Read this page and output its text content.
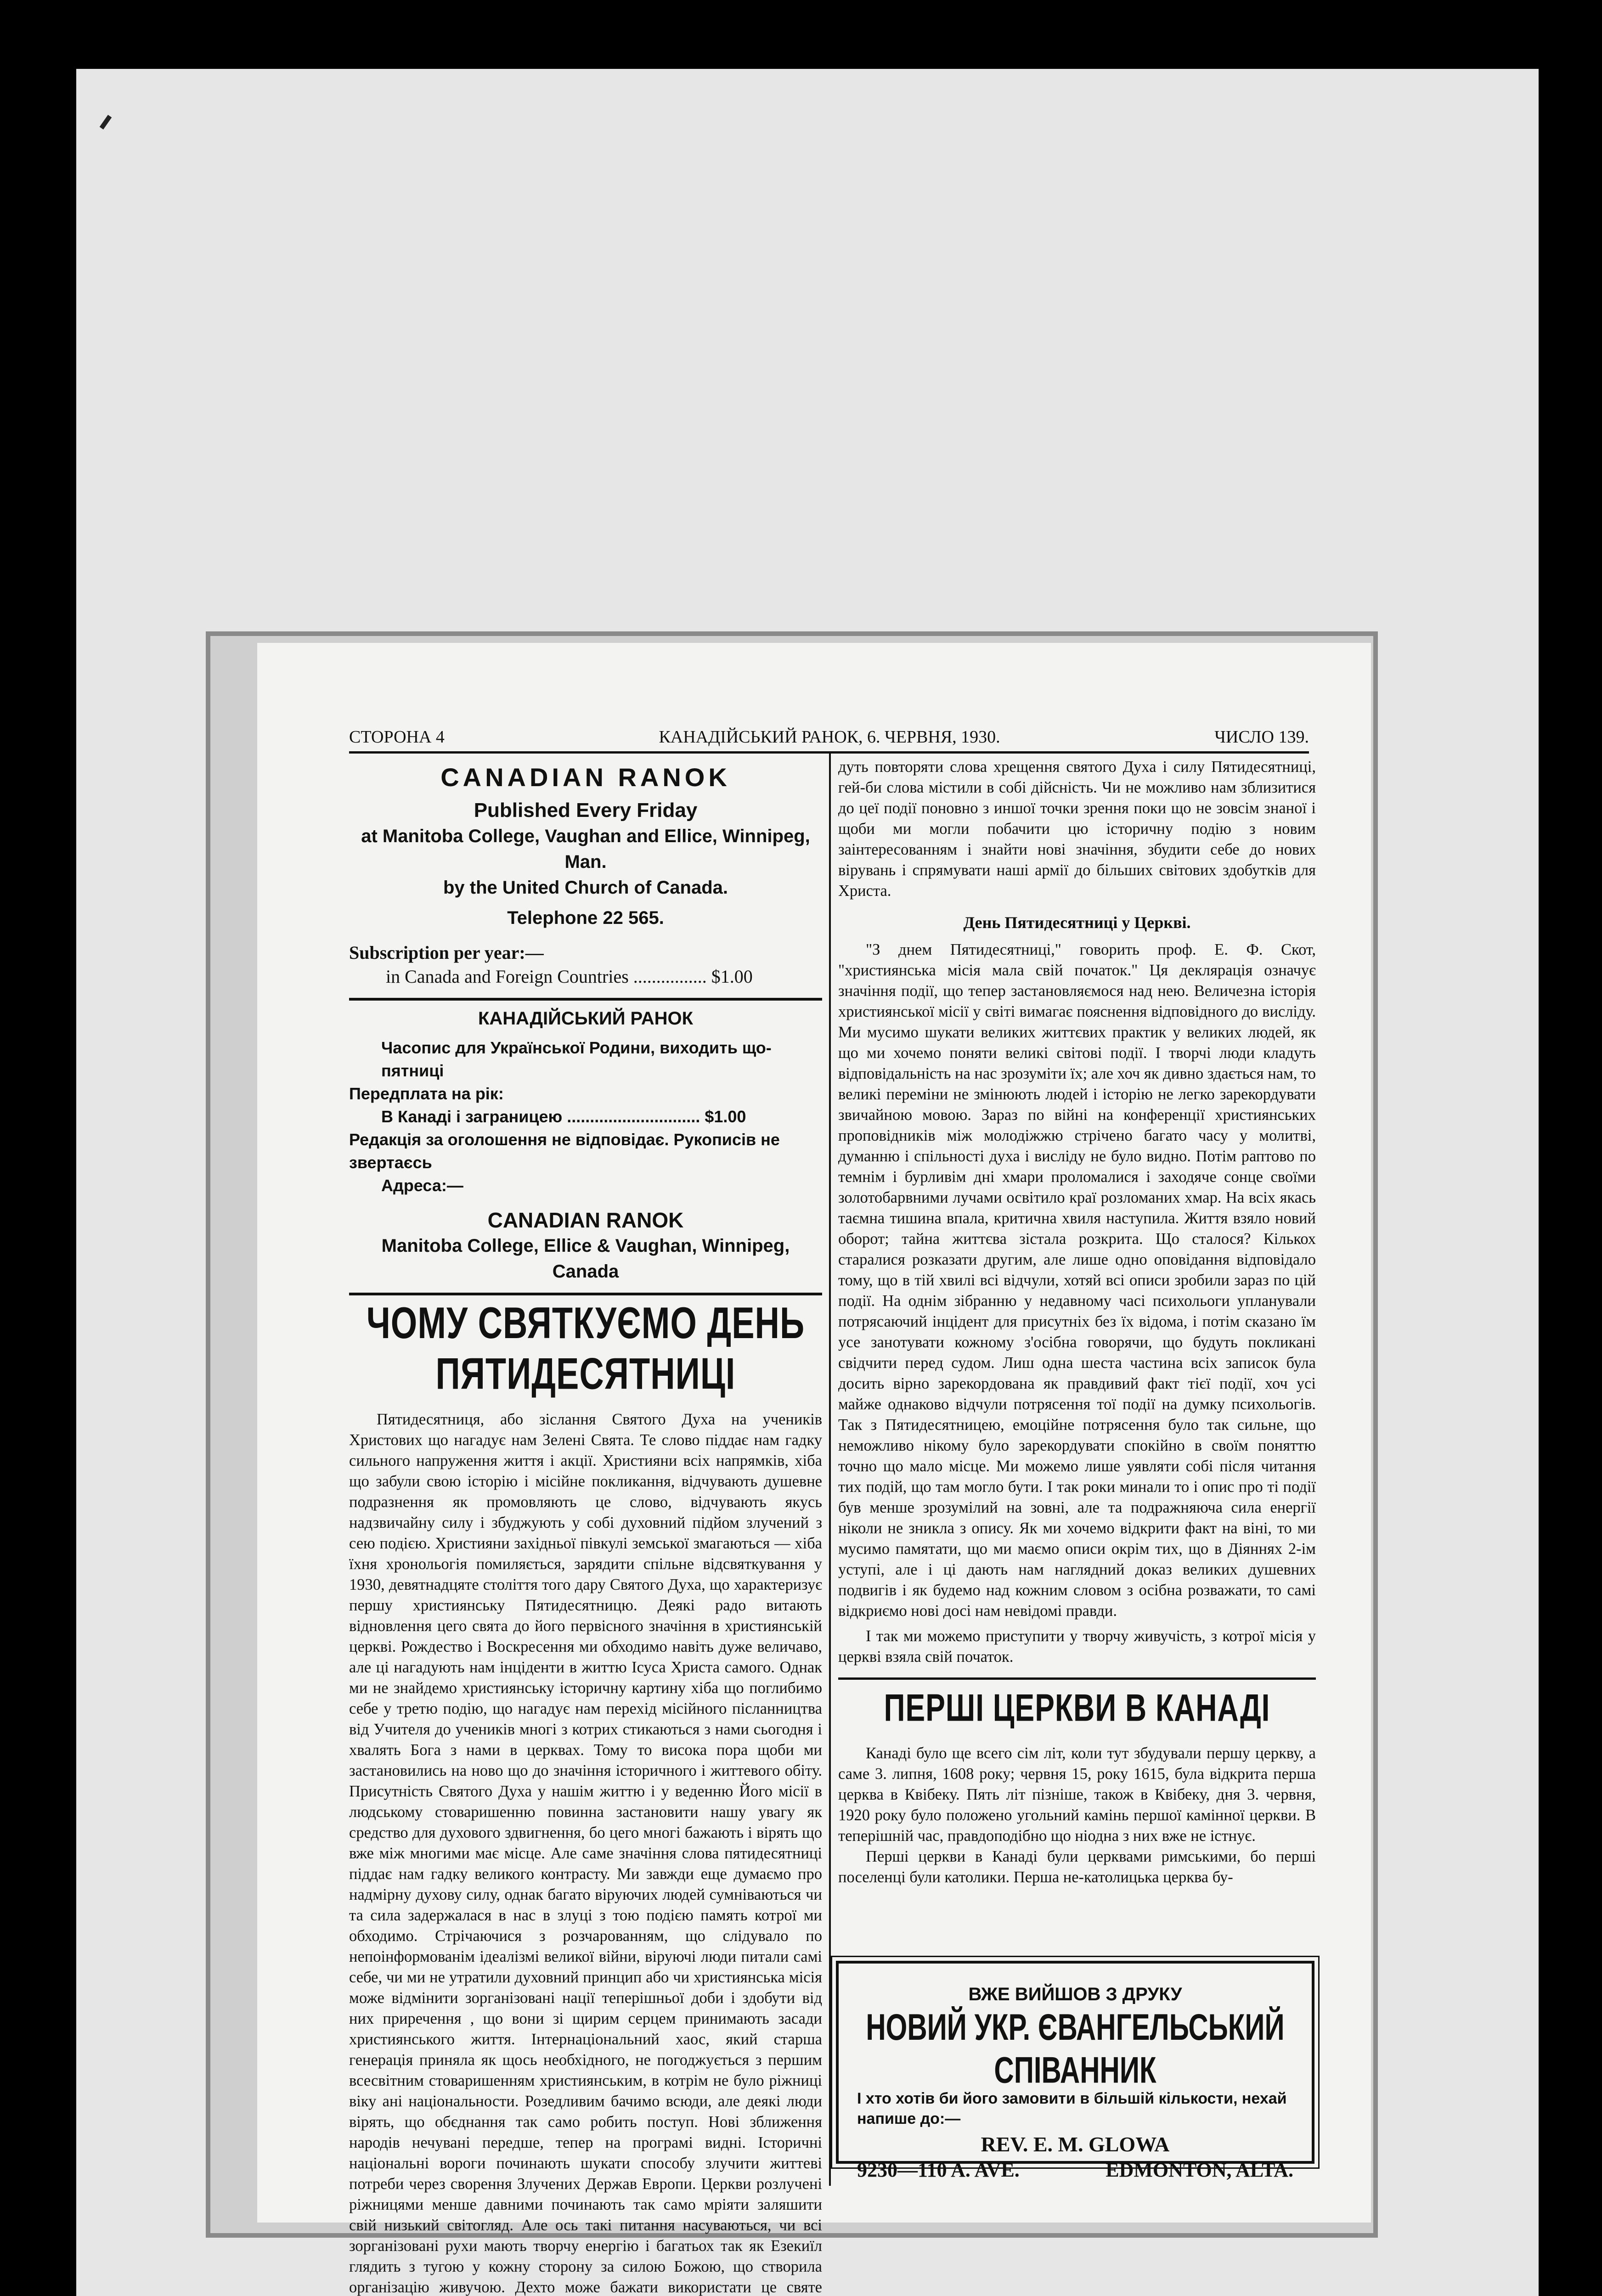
СТОРОНА 4	КАНАДІЙСЬКИЙ РАНОК, 6. ЧЕРВНЯ, 1930.	ЧИСЛО 139.
CANADIAN RANOK
Published Every Friday
at Manitoba College, Vaughan and Ellice, Winnipeg, Man.
by the United Church of Canada.
Telephone 22 565.
Subscription per year:—
in Canada and Foreign Countries ................ $1.00
КАНАДІЙСЬКИЙ РАНОК
Часопис для Української Родини, виходить що-пятниці
Передплата на рік:
В Канаді і заграницею ............................. $1.00
Редакція за оголошення не відповідає. Рукописів не звертаєсь
Адреса:—
CANADIAN RANOK
Manitoba College, Ellice & Vaughan, Winnipeg, Canada
ЧОМУ СВЯТКУЄМО ДЕНЬ ПЯТИДЕСЯТНИЦІ

Пятидесятниця, або зіслання Святого Духа на учеників Христових що нагадує нам Зелені Свята. Те слово піддає нам гадку сильного напруження життя і акції. Християни всіх напрямків, хіба що забули свою історію і місійне покликання, відчувають душевне подразнення як промовляють це слово, відчувають якусь надзвичайну силу і збуджують у собі духовний підйом злучений з сею подією. Християни західньої півкулі земської змагаються — хіба їхня хронольогія помиляється, зарядити спільне відсвяткування у 1930, девятнадцяте століття того дару Святого Духа, що характеризує першу християнську Пятидесятницю. Деякі радо витають відновлення цего свята до його первісного значіння в християнській церкві. Рождество і Воскресення ми обходимо навіть дуже величаво, але ці нагадують нам інціденти в життю Ісуса Христа самого. Однак ми не знайдемо християнську історичну картину хіба що поглибимо себе у третю подію, що нагадує нам перехід місійного післанництва від Учителя до учеників многі з котрих стикаються з нами сьогодня і хвалять Бога з нами в церквах. Тому то висока пора щоби ми застановились на ново що до значіння історичного і життевого обіту. Присутність Святого Духа у нашім життю і у веденню Його місії в людському стоваришенню повинна застановити нашу увагу як средство для духового здвигнення, бо цего многі бажають і вірять що вже між многими має місце. Але саме значіння слова пятидесятниці піддає нам гадку великого контрасту. Ми завжди еще думаємо про надмірну духову силу, однак багато віруючих людей сумніваються чи та сила задержалася в нас в злуці з тою подією память котрої ми обходимо. Стрічаючися з розчарованням, що слідувало по непоінформованім ідеалізмі великої війни, віруючі люди питали самі себе, чи ми не утратили духовний принцип або чи християнська місія може відмінити зорганізовані нації теперішньої доби і здобути від них приречення , що вони зі щирим серцем принимають засади християнського життя. Інтернаціональний хаос, який старша генерація приняла як щось необхідного, не погоджується з першим всесвітним стоваришенням християнським, в котрім не було ріжниці віку ані національности. Розедливим бачимо всюди, але деякі люди вірять, що обєднання так само робить поступ. Нові зближення народів нечувані передше, тепер на програмі видні. Історичні національні вороги починають шукати способу злучити життеві потреби через сворення Злучених Держав Европи. Церкви розлучені ріжницями менше давними починають так само мріяти заляшити свій низький світогляд. Але ось такі питання насуваються, чи всі зорганізовані рухи мають творчу енергію і багатьох так як Езекиїл глядить з тугою у кожну сторону за силою Божою, що створила організацію живучою. Дехто може бажати використати це святе

дуть повторяти слова хрещення святого Духа і силу Пятидесятниці, гей-би слова містили в собі дійсність. Чи не можливо нам зблизитися до цеї події поновно з иншої точки зрення поки що не зовсім знаної і щоби ми могли побачити цю історичну подію з новим заінтересованням і знайти нові значіння, збудити себе до нових вірувань і спрямувати наші армії до більших світових здобутків для Христа.

День Пятидесятниці у Церкві.

"З днем Пятидесятниці," говорить проф. Е. Ф. Скот, "християнська місія мала свій початок." Ця деклярація означує значіння події, що тепер застановляємося над нею. Величезна історія християнської місії у світі вимагає пояснення відповідного до висліду. Ми мусимо шукати великих життєвих практик у великих людей, як що ми хочемо поняти великі світові події. І творчі люди кладуть відповідальність на нас зрозуміти їх; але хоч як дивно здається нам, то великі переміни не змінюють людей і історію не легко зарекордувати звичайною мовою. Зараз по війні на конференції християнських проповідників між молодіжжю стрічено багато часу у молитві, думанню і спільності духа і висліду не було видно. Потім раптово по темнім і бурливім дні хмари проломалися і заходяче сонце своїми золотобарвними лучами освітило краї розломаних хмар. На всіх якась таємна тишина впала, критична хвиля наступила. Життя взяло новий оборот; тайна життєва зістала розкрита. Що сталося? Кількох старалися розказати другим, але лише одно оповідання відповідало тому, що в тій хвилі всі відчули, хотяй всі описи зробили зараз по цій події. На однім зібранню у недавному часі психольоги упланували потрясаючий інцідент для присутніх без їх відома, і потім сказано їм усе занотувати кожному з'осібна говорячи, що будуть покликані свідчити перед судом. Лиш одна шеста частина всіх записок була досить вірно зарекордована як правдивий факт тієї події, хоч усі майже однаково відчули потрясення тої події на думку психольогів. Так з Пятидесятницею, емоційне потрясення було так сильне, що неможливо нікому було зарекордувати спокійно в своїм поняттю точно що мало місце. Ми можемо лише уявляти собі після читання тих подій, що там могло бути. І так роки минали то і опис про ті події був менше зрозумілий на зовні, але та подражняюча сила енергії ніколи не зникла з опису. Як ми хочемо відкрити факт на віні, то ми мусимо памятати, що ми маємо описи окрім тих, що в Діяннях 2-ім уступі, але і ці дають нам наглядний доказ великих душевних подвигів і як будемо над кожним словом з осібна розважати, то самі відкриємо нові досі нам невідомі правди.

І так ми можемо приступити у творчу живучість, з котрої місія у церкві взяла свій початок.

ПЕРШІ ЦЕРКВИ В КАНАДІ

Канаді було ще всего сім літ, коли тут збудували першу церкву, а саме 3. липня, 1608 року; червня 15, року 1615, була відкрита перша церква в Квібеку. Пять літ пізніше, також в Квібеку, дня 3. червня, 1920 року було положено угольний камінь першої камінної церкви. В теперішній час, правдоподібно що ніодна з них вже не істнує.

Перші церкви в Канаді були церквами римськими, бо перші поселенці були католики. Перша не-католицька церква бу-

ВЖЕ ВИЙШОВ З ДРУКУ
НОВИЙ УКР. ЄВАНГЕЛЬСЬКИЙ СПІВАННИК
І хто хотів би його замовити в більшій кількости, нехай напише до:—
REV. E. M. GLOWA
9230—110 A. AVE.	EDMONTON, ALTA.
